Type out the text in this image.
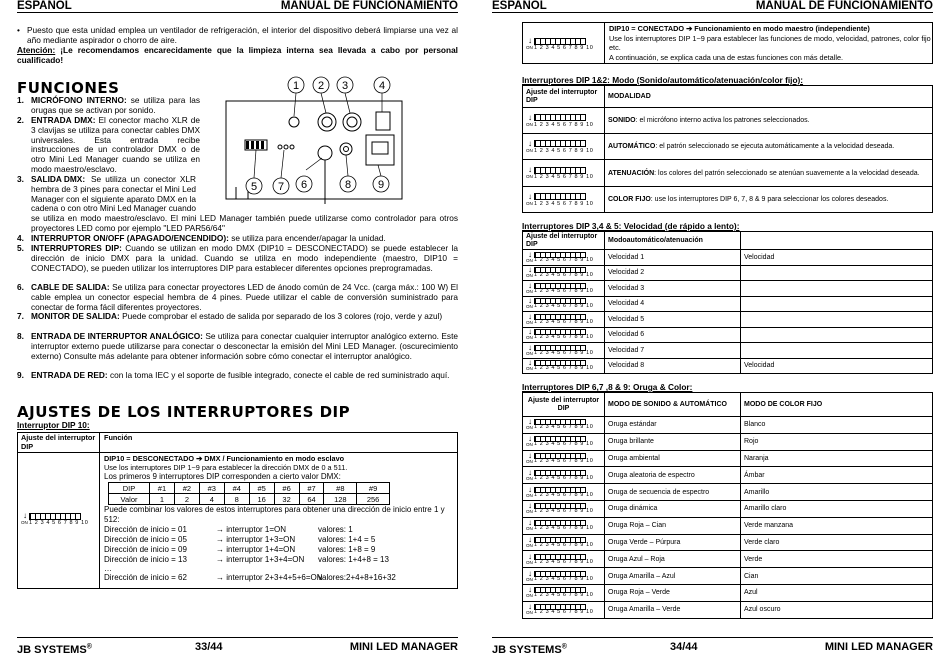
ESPAÑOL	MANUAL DE FUNCIONAMIENTO
• Puesto que esta unidad emplea un ventilador de refrigeración, el interior del dispositivo deberá limpiarse una vez al año mediante aspirador o chorro de aire.
Atención: ¡Le recomendamos encarecidamente que la limpieza interna sea llevada a cabo por personal cualificado!
FUNCIONES	1 2 3	4
5 7 6	8 9
1. MICRÓFONO INTERNO: se utiliza para las orugas que se activan por sonido.
2. ENTRADA DMX: El conector macho XLR de 3 clavijas se utiliza para conectar cables DMX universales. Esta entrada recibe instrucciones de un controlador DMX o de otro Mini Led Manager cuando se utiliza en modo maestro/esclavo.
3. SALIDA DMX: Se utiliza un conector XLR hembra de 3 pines para conectar el Mini Led Manager con el siguiente aparato DMX en la cadena o con otro Mini Led Manager cuando se utiliza en modo maestro/esclavo. El mini LED Manager también puede utilizarse como controlador para otros proyectores LED como por ejemplo "LED PAR56/64"
4. INTERRUPTOR ON/OFF (APAGADO/ENCENDIDO): se utiliza para encender/apagar la unidad.
5. INTERRUPTORES DIP: Cuando se utilizan en modo DMX (DIP10 = DESCONECTADO) se puede establecer la dirección de inicio DMX para la unidad. Cuando se utiliza en modo independiente (maestro, DIP10 = CONECTADO), se pueden utilizar los interruptores DIP para establecer diferentes opciones preprogramadas.
6. CABLE DE SALIDA: Se utiliza para conectar proyectores LED de ánodo común de 24 Vcc. (carga máx.: 100 W) El cable emplea un conector especial hembra de 4 pines. Puede utilizar el cable de conversión suministrado para conectar de forma fácil diferentes proyectores.
7. MONITOR DE SALIDA: Puede comprobar el estado de salida por separado de los 3 colores (rojo, verde y azul)
8. ENTRADA DE INTERRUPTOR ANALÓGICO: Se utiliza para conectar cualquier interruptor analógico externo. Este interruptor externo puede utilizarse para conectar o desconectar la emisión del Mini LED Manager. (oscurecimiento externo) Consulte más adelante para obtener información sobre cómo conectar el interruptor analógico.
9. ENTRADA DE RED: con la toma IEC y el soporte de fusible integrado, conecte el cable de red suministrado aquí.
AJUSTES DE LOS INTERRUPTORES DIP
Interruptor DIP 10:
Ajuste del interruptor DIP
Función
↓
ON 1 2 3 4 5 6 7 8 9 10
DIP10 = DESCONECTADO ➔ DMX / Funcionamiento en modo esclavo
Use los interruptores DIP 1~9 para establecer la dirección DMX de 0 a 511.
Los primeros 9 interruptores DIP corresponden a cierto valor DMX:
DIP	#1	#2	#3	#4	#5	#6	#7	#8	#9
Valor	1	2	4	8	16	32	64	128	256
Puede combinar los valores de estos interruptores para obtener una dirección de inicio entre 1 y 512:
Dirección de inicio = 01	→ interruptor 1=ON	valores: 1
Dirección de inicio = 05	→ interruptor 1+3=ON	valores: 1+4 = 5
Dirección de inicio = 09	→ interruptor 1+4=ON	valores: 1+8 = 9
Dirección de inicio = 13	→ interruptor 1+3+4=ON valores: 1+4+8 = 13
…
Dirección de inicio = 62	→ interruptor 2+3+4+5+6=ON
valores:2+4+8+16+32
JB SYSTEMS®	33/44	MINI LED MANAGER
ESPAÑOL	MANUAL DE FUNCIONAMIENTO
↓
ON 1 2 3 4 5 6 7 8 9 10
DIP10 = CONECTADO ➔ Funcionamiento en modo maestro (independiente)
Use los interruptores DIP 1~9 para establecer las funciones de modo, velocidad, patrones, color fijo etc.
A continuación, se explica cada una de estas funciones con más detalle.
Interruptores DIP 1&2: Modo (Sonido/automático/atenuación/color fijo):
Ajuste del interruptor DIP	MODALIDAD

↓
ON 1 2 3 4 5 6 7 8 9 10	SONIDO: el micrófono interno activa los patrones seleccionados.

↓
ON 1 2 3 4 5 6 7 8 9 10	AUTOMÁTICO: el patrón seleccionado se ejecuta automáticamente a la velocidad deseada.

↓
ON 1 2 3 4 5 6 7 8 9 10	ATENUACIÓN: los colores del patrón seleccionado se atenúan suavemente a la velocidad deseada.

↓
ON 1 2 3 4 5 6 7 8 9 10	COLOR FIJO: use los interruptores DIP 6, 7, 8 & 9 para seleccionar los colores deseados.
Interruptores DIP 3,4 & 5: Velocidad (de rápido a lento):
Ajuste del interruptor DIP	Modoautomático/atenuación	

↓
ON 1 2 3 4 5 6 7 8 9 10	Velocidad 1	Velocidad

↓
ON 1 2 3 4 5 6 7 8 9 10	Velocidad 2	

↓
ON 1 2 3 4 5 6 7 8 9 10	Velocidad 3	

↓
ON 1 2 3 4 5 6 7 8 9 10	Velocidad 4	

↓
ON 1 2 3 4 5 6 7 8 9 10	Velocidad 5	

↓
ON 1 2 3 4 5 6 7 8 9 10	Velocidad 6	

↓
ON 1 2 3 4 5 6 7 8 9 10	Velocidad 7	

↓
ON 1 2 3 4 5 6 7 8 9 10	Velocidad 8	Velocidad
Interruptores DIP 6,7 ,8 & 9: Oruga & Color:
Ajuste del interruptor DIP	MODO DE SONIDO & AUTOMÁTICO	MODO DE COLOR FIJO

↓
ON 1 2 3 4 5 6 7 8 9 10	Oruga estándar	Blanco

↓
ON 1 2 3 4 5 6 7 8 9 10	Oruga brillante	Rojo

↓
ON 1 2 3 4 5 6 7 8 9 10	Oruga ambiental	Naranja

↓
ON 1 2 3 4 5 6 7 8 9 10	Oruga aleatoria de espectro	Ámbar

↓
ON 1 2 3 4 5 6 7 8 9 10	Oruga de secuencia de espectro	Amarillo

↓
ON 1 2 3 4 5 6 7 8 9 10	Oruga dinámica	Amarillo claro

↓
ON 1 2 3 4 5 6 7 8 9 10	Oruga Roja – Cian	Verde manzana

↓
ON 1 2 3 4 5 6 7 8 9 10	Oruga Verde – Púrpura	Verde claro

↓
ON 1 2 3 4 5 6 7 8 9 10	Oruga Azul – Roja	Verde

↓
ON 1 2 3 4 5 6 7 8 9 10	Oruga Amarilla – Azul	Cian

↓
ON 1 2 3 4 5 6 7 8 9 10	Oruga Roja – Verde	Azul

↓
ON 1 2 3 4 5 6 7 8 9 10	Oruga Amarilla – Verde	Azul oscuro
JB SYSTEMS®	34/44	MINI LED MANAGER
